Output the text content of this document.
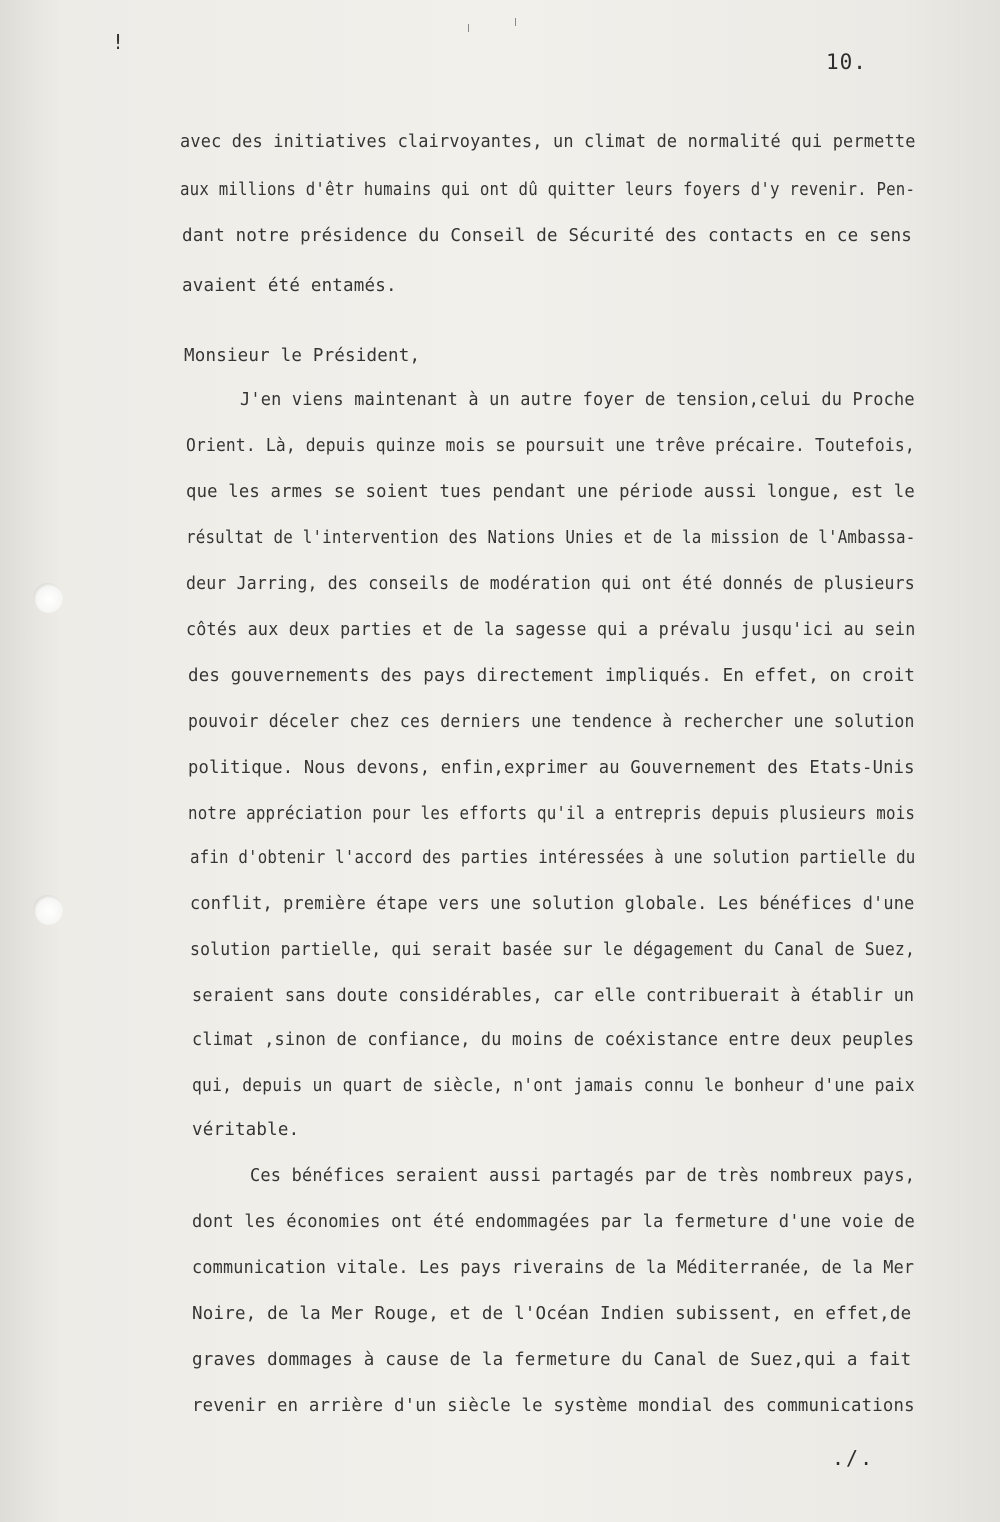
!
10.
avec des initiatives clairvoyantes, un climat de normalité qui permette
aux millions d'êtr humains qui ont dû quitter leurs foyers d'y revenir. Pen-
dant notre présidence du Conseil de Sécurité des contacts en ce sens
avaient été entamés.
Monsieur le Président,
J'en viens maintenant à un autre foyer de tension,celui du Proche
Orient. Là, depuis quinze mois se poursuit une trêve précaire. Toutefois,
que les armes se soient tues pendant une période aussi longue, est le
résultat de l'intervention des Nations Unies et de la mission de l'Ambassa-
deur Jarring, des conseils de modération qui ont été donnés de plusieurs
côtés aux deux parties et de la sagesse qui a prévalu jusqu'ici au sein
des gouvernements des pays directement impliqués. En effet, on croit
pouvoir déceler chez ces derniers une tendence à rechercher une solution
politique. Nous devons, enfin,exprimer au Gouvernement des Etats-Unis
notre appréciation pour les efforts qu'il a entrepris depuis plusieurs mois
afin d'obtenir l'accord des parties intéressées à une solution partielle du
conflit, première étape vers une solution globale. Les bénéfices d'une
solution partielle, qui serait basée sur le dégagement du Canal de Suez,
seraient sans doute considérables, car elle contribuerait à établir un
climat ,sinon de confiance, du moins de coéxistance entre deux peuples
qui, depuis un quart de siècle, n'ont jamais connu le bonheur d'une paix
véritable.
Ces bénéfices seraient aussi partagés par de très nombreux pays,
dont les économies ont été endommagées par la fermeture d'une voie de
communication vitale. Les pays riverains de la Méditerranée, de la Mer
Noire, de la Mer Rouge, et de l'Océan Indien subissent, en effet,de
graves dommages à cause de la fermeture du Canal de Suez,qui a fait
revenir en arrière d'un siècle le système mondial des communications
./.
